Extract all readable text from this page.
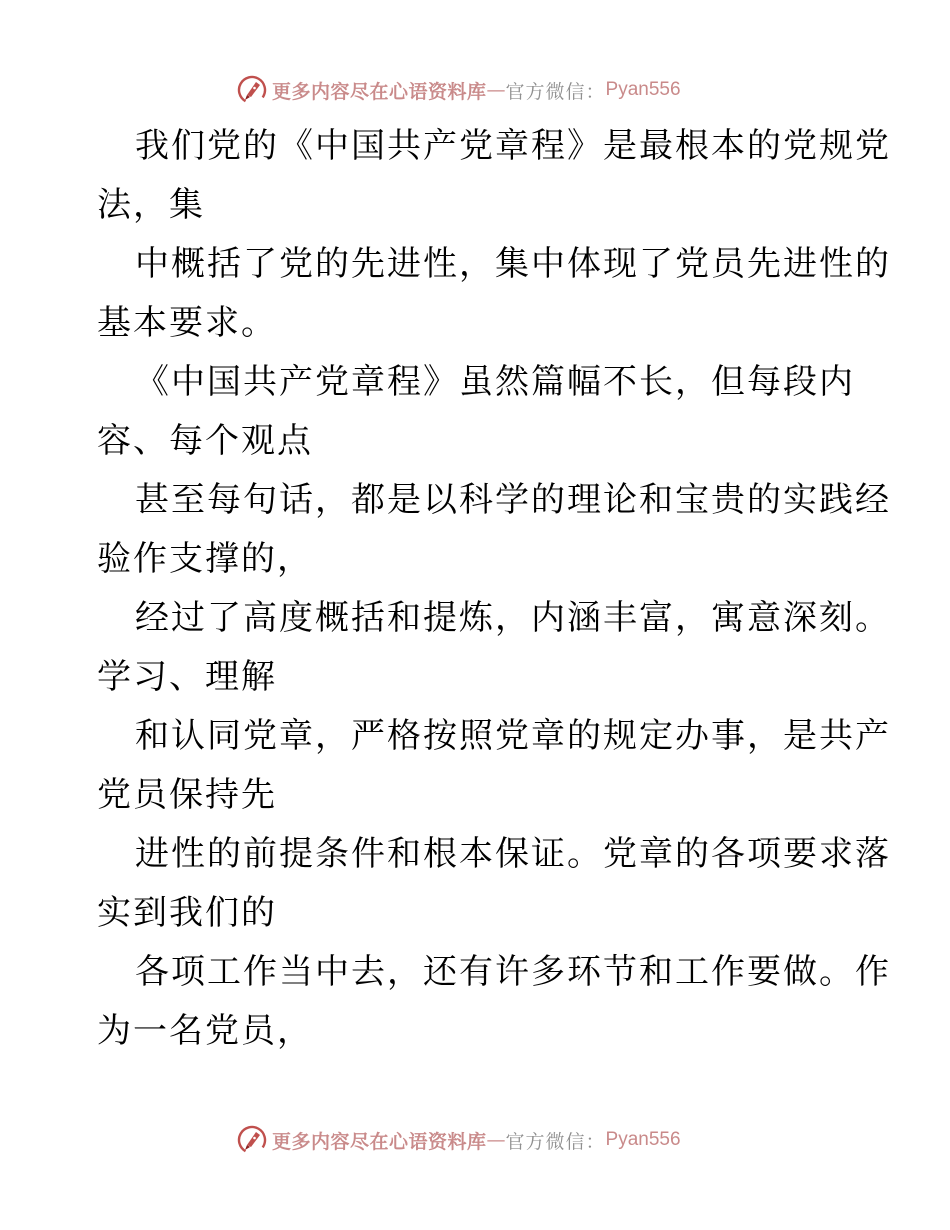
更多内容尽在心语资料库 — 官方微信： Pyan556
我们党的《中国共产党章程》是最根本的党规党
法，集
中概括了党的先进性，集中体现了党员先进性的
基本要求。
《中国共产党章程》虽然篇幅不长，但每段内
容、每个观点
甚至每句话，都是以科学的理论和宝贵的实践经
验作支撑的，
经过了高度概括和提炼，内涵丰富，寓意深刻。
学习、理解
和认同党章，严格按照党章的规定办事，是共产
党员保持先
进性的前提条件和根本保证。党章的各项要求落
实到我们的
各项工作当中去，还有许多环节和工作要做。作
为一名党员，
更多内容尽在心语资料库 — 官方微信： Pyan556
